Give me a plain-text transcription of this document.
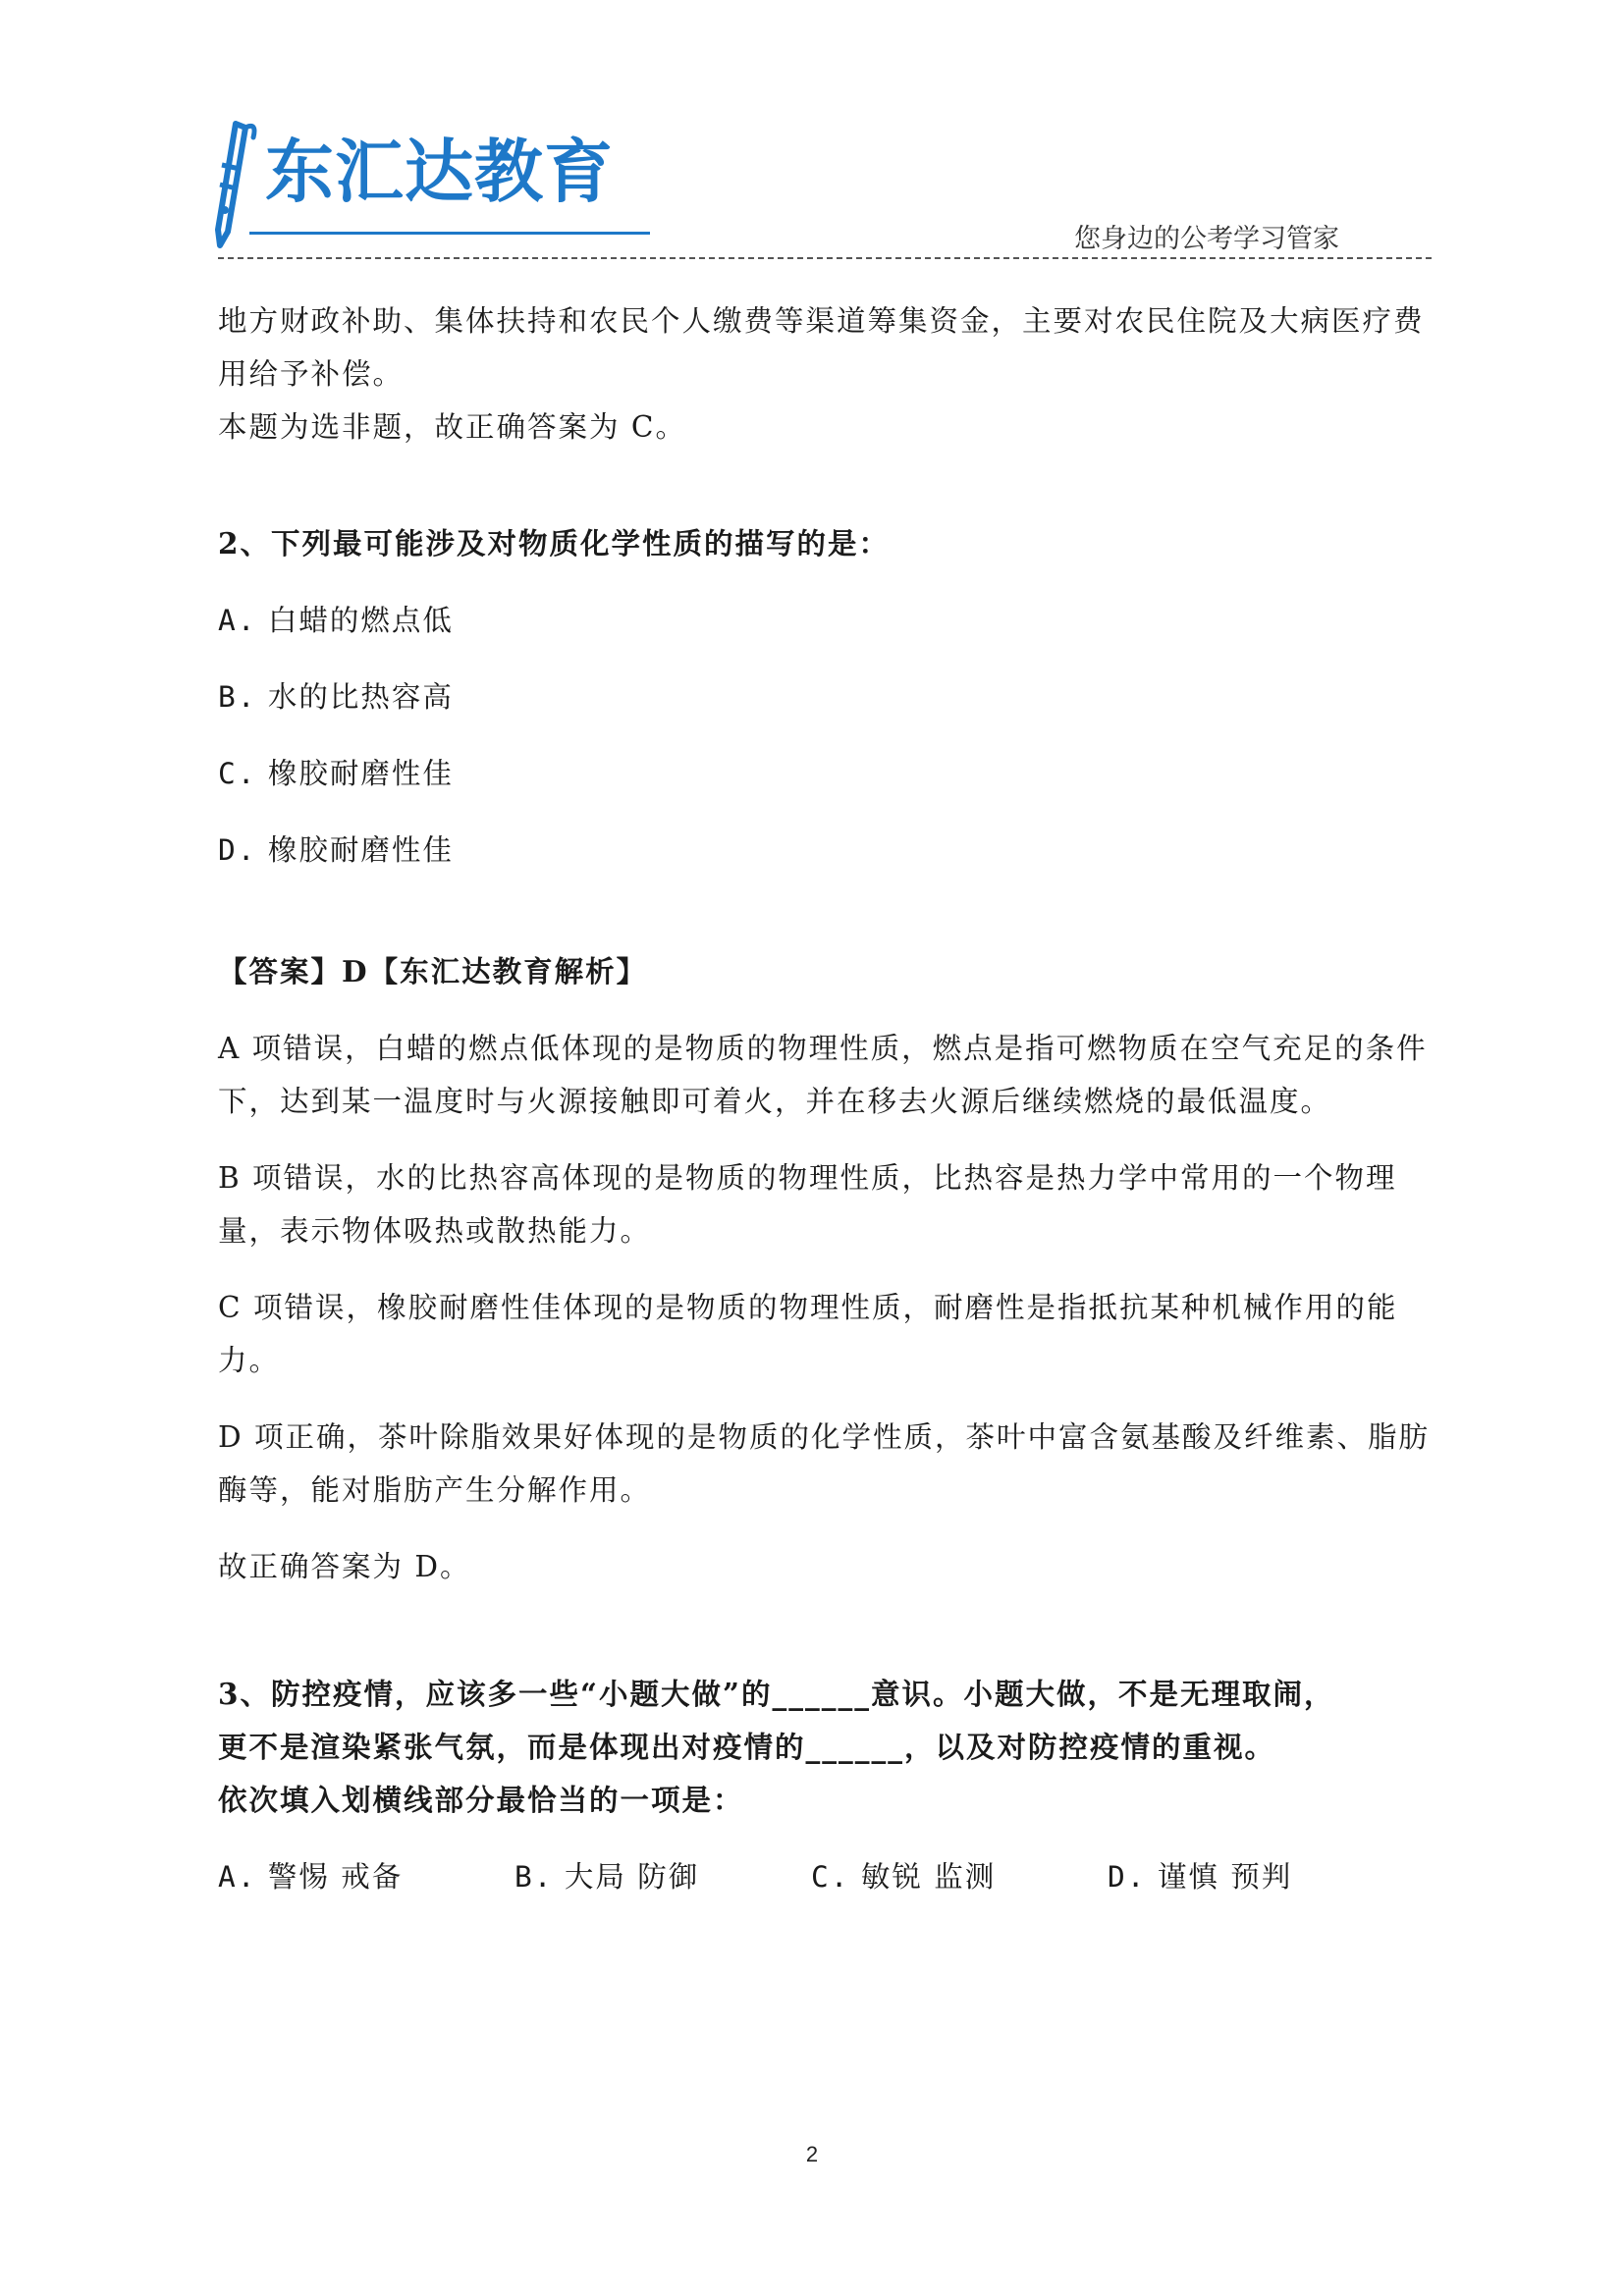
东汇达教育
您身边的公考学习管家

地方财政补助、集体扶持和农民个人缴费等渠道筹集资金，主要对农民住院及大病医疗费用给予补偿。

本题为选非题，故正确答案为 C。

2、下列最可能涉及对物质化学性质的描写的是：

A. 白蜡的燃点低
B. 水的比热容高
C. 橡胶耐磨性佳
D. 橡胶耐磨性佳

【答案】D【东汇达教育解析】

A 项错误，白蜡的燃点低体现的是物质的物理性质，燃点是指可燃物质在空气充足的条件下，达到某一温度时与火源接触即可着火，并在移去火源后继续燃烧的最低温度。

B 项错误，水的比热容高体现的是物质的物理性质，比热容是热力学中常用的一个物理量，表示物体吸热或散热能力。

C 项错误，橡胶耐磨性佳体现的是物质的物理性质，耐磨性是指抵抗某种机械作用的能力。

D 项正确，茶叶除脂效果好体现的是物质的化学性质，茶叶中富含氨基酸及纤维素、脂肪酶等，能对脂肪产生分解作用。

故正确答案为 D。

3、防控疫情，应该多一些“小题大做”的______意识。小题大做，不是无理取闹，

更不是渲染紧张气氛，而是体现出对疫情的______，以及对防控疫情的重视。

依次填入划横线部分最恰当的一项是：

A. 警惕 戒备	B. 大局 防御	C. 敏锐 监测	D. 谨慎 预判
2
